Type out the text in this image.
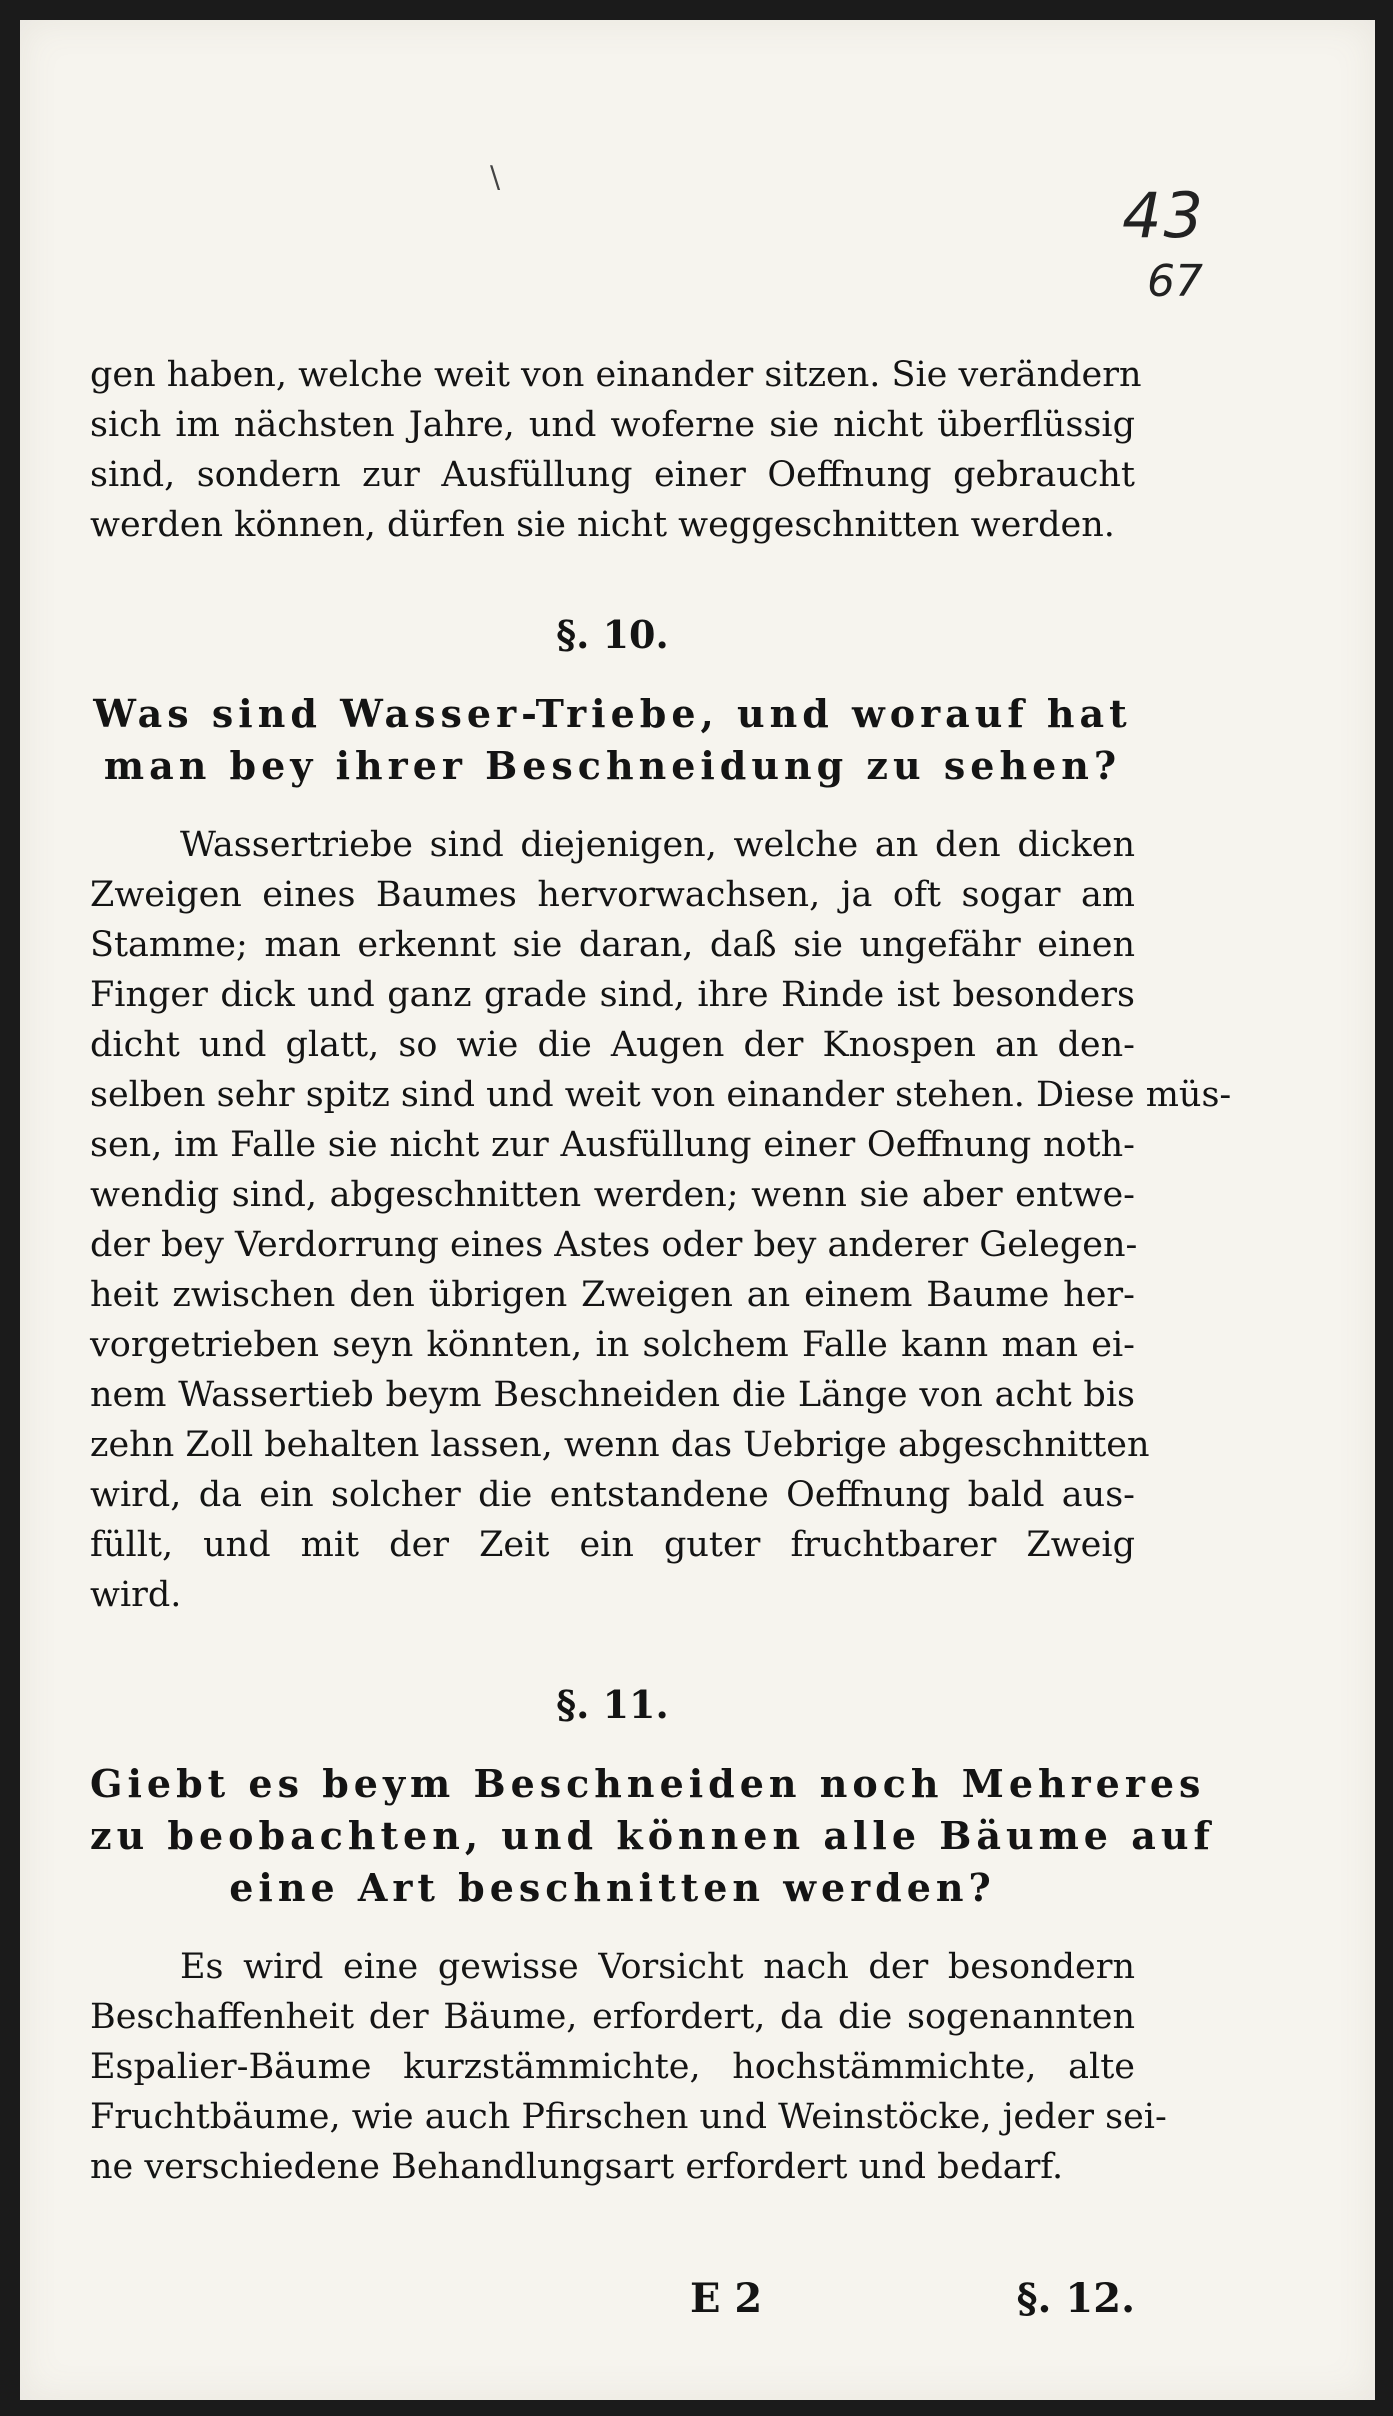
\
43
67
gen haben, welche weit von einander sitzen. Sie verändern
sich im nächsten Jahre, und woferne sie nicht überflüssig
sind, sondern zur Ausfüllung einer Oeffnung gebraucht
werden können, dürfen sie nicht weggeschnitten werden.
§. 10.
Was sind Wasser-Triebe, und worauf hat
man bey ihrer Beschneidung zu sehen?
Wassertriebe sind diejenigen, welche an den dicken
Zweigen eines Baumes hervorwachsen, ja oft sogar am
Stamme; man erkennt sie daran, daß sie ungefähr einen
Finger dick und ganz grade sind, ihre Rinde ist besonders
dicht und glatt, so wie die Augen der Knospen an den-
selben sehr spitz sind und weit von einander stehen. Diese müs-
sen, im Falle sie nicht zur Ausfüllung einer Oeffnung noth-
wendig sind, abgeschnitten werden; wenn sie aber entwe-
der bey Verdorrung eines Astes oder bey anderer Gelegen-
heit zwischen den übrigen Zweigen an einem Baume her-
vorgetrieben seyn könnten, in solchem Falle kann man ei-
nem Wassertieb beym Beschneiden die Länge von acht bis
zehn Zoll behalten lassen, wenn das Uebrige abgeschnitten
wird, da ein solcher die entstandene Oeffnung bald aus-
füllt, und mit der Zeit ein guter fruchtbarer Zweig
wird.
§. 11.
Giebt es beym Beschneiden noch Mehreres
zu beobachten, und können alle Bäume auf
eine Art beschnitten werden?
Es wird eine gewisse Vorsicht nach der besondern
Beschaffenheit der Bäume, erfordert, da die sogenannten
Espalier-Bäume kurzstämmichte, hochstämmichte, alte
Fruchtbäume, wie auch Pfirschen und Weinstöcke, jeder sei-
ne verschiedene Behandlungsart erfordert und bedarf.
E 2	§. 12.
